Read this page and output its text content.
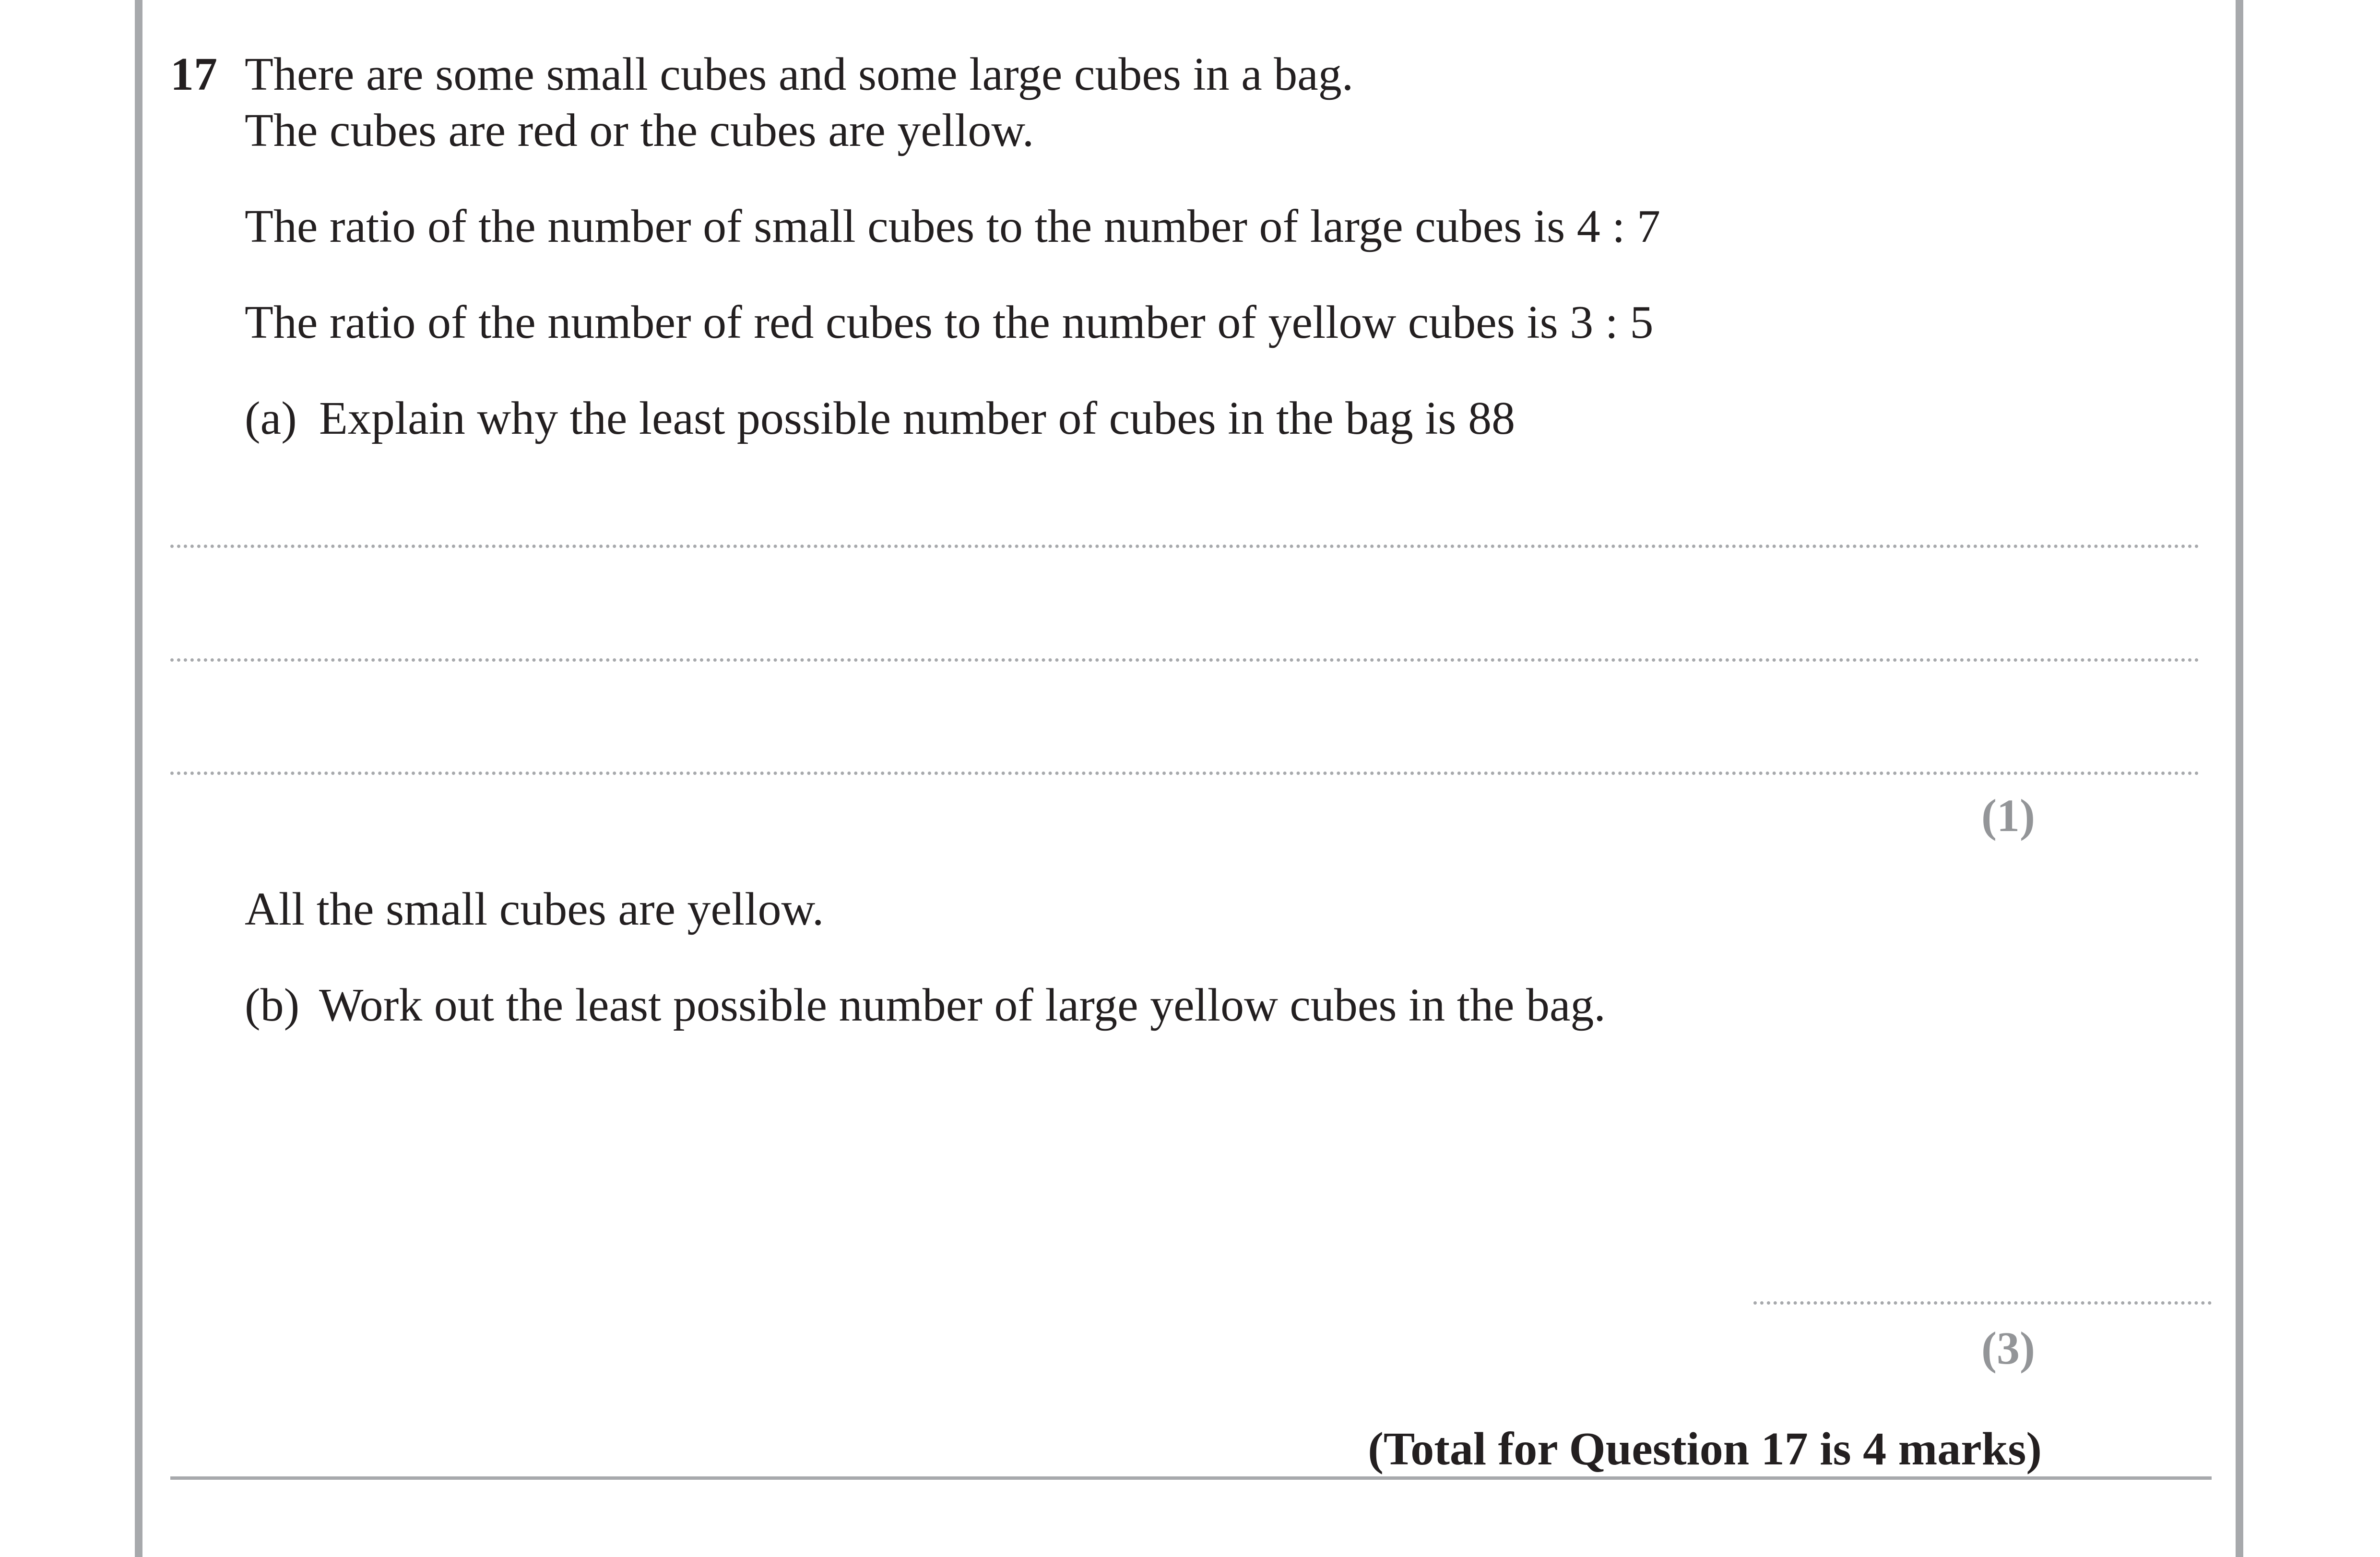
17 There are some small cubes and some large cubes in a bag.
The cubes are red or the cubes are yellow.
The ratio of the number of small cubes to the number of large cubes is 4 : 7
The ratio of the number of red cubes to the number of yellow cubes is 3 : 5
(a) Explain why the least possible number of cubes in the bag is 88
(1)
All the small cubes are yellow.
(b) Work out the least possible number of large yellow cubes in the bag.
(3)
(Total for Question 17 is 4 marks)
